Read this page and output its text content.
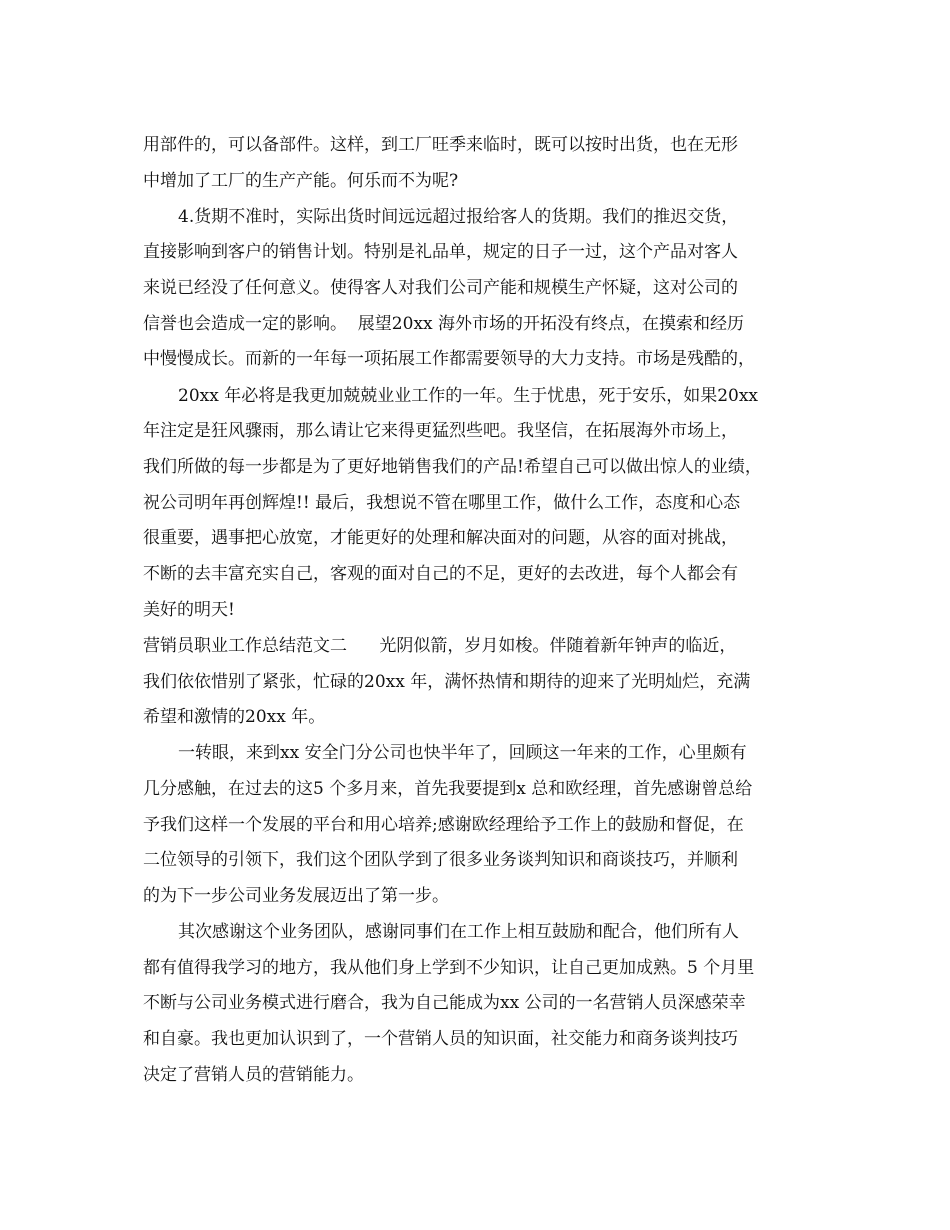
用部件的，可以备部件。这样，到工厂旺季来临时，既可以按时出货，也在无形
中增加了工厂的生产产能。何乐而不为呢?
4.货期不准时，实际出货时间远远超过报给客人的货期。我们的推迟交货，
直接影响到客户的销售计划。特别是礼品单，规定的日子一过，这个产品对客人
来说已经没了任何意义。使得客人对我们公司产能和规模生产怀疑，这对公司的
信誉也会造成一定的影响。  展望20xx 海外市场的开拓没有终点，在摸索和经历
中慢慢成长。而新的一年每一项拓展工作都需要领导的大力支持。市场是残酷的，
20xx 年必将是我更加兢兢业业工作的一年。生于忧患，死于安乐，如果20xx
年注定是狂风骤雨，那么请让它来得更猛烈些吧。我坚信，在拓展海外市场上，
我们所做的每一步都是为了更好地销售我们的产品!希望自己可以做出惊人的业绩，
祝公司明年再创辉煌!! 最后，我想说不管在哪里工作，做什么工作，态度和心态
很重要，遇事把心放宽，才能更好的处理和解决面对的问题，从容的面对挑战，
不断的去丰富充实自己，客观的面对自己的不足，更好的去改进，每个人都会有
美好的明天!
营销员职业工作总结范文二      光阴似箭，岁月如梭。伴随着新年钟声的临近，
我们依依惜别了紧张，忙碌的20xx 年，满怀热情和期待的迎来了光明灿烂，充满
希望和激情的20xx 年。
一转眼，来到xx 安全门分公司也快半年了，回顾这一年来的工作，心里颇有
几分感触，在过去的这5 个多月来，首先我要提到x 总和欧经理，首先感谢曾总给
予我们这样一个发展的平台和用心培养;感谢欧经理给予工作上的鼓励和督促，在
二位领导的引领下，我们这个团队学到了很多业务谈判知识和商谈技巧，并顺利
的为下一步公司业务发展迈出了第一步。
其次感谢这个业务团队，感谢同事们在工作上相互鼓励和配合，他们所有人
都有值得我学习的地方，我从他们身上学到不少知识，让自己更加成熟。5 个月里
不断与公司业务模式进行磨合，我为自己能成为xx 公司的一名营销人员深感荣幸
和自豪。我也更加认识到了，一个营销人员的知识面，社交能力和商务谈判技巧
决定了营销人员的营销能力。
